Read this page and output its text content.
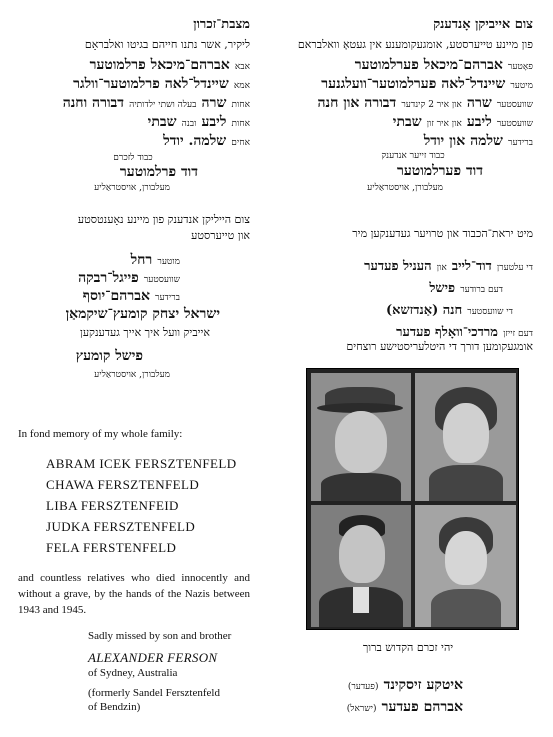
מצבת־זכרון
ליקיר, אשר נתנו חייהם בגיטו ואלבראָם
אבא אברהם־מיכאל פרלמוטער
אמא שיינדל־לאה פרלמוטער־וולגר
אחות שרה בעלה ושתי ילדותיה דבורה וחנה
אחות ליבע ובנה שבתי
אחים שלמה. יודל
כבוד לזכרם
דוד פרלמוטער
מעלבורן, אויסטראַליע
צום הייליקן אנדענק פון מיינע נאָענטסטע
און טייערסטע
מוטער רחל
שוועסטער פייגל־רבקה
ברידער אברהם־יוסף
ישראל יצחק קומעץ־שיקמאַן
אייביק וועל איך אייך געדענקען
פישל קומעץ
מעלבורן, אויסטראַליע
In fond memory of my whole family:
ABRAM ICEK FERSZTENFELD
CHAWA FERSZTENFELD
LIBA FERSZTENFEID
JUDKA FERSZTENFELD
FELA FERSTENFELD
and countless relatives who died innocently and without a grave, by the hands of the Nazis between 1943 and 1945.
Sadly missed by son and brother
ALEXANDER FERSON
of Sydney, Australia
(formerly Sandel Fersztenfeld
of Bendzin)
צום אייביקן אָנדענק
פון מיינע טייערסטע, אומגעקומענע אין געטאָ וואלבראם
פאָטער אברהם־מיכאל פערלמוטער
מיטער שיינדל־לאה פערלמוטער־וועלגנער
שוועסטער שרה און איר 2 קינדער דבורה און חנה
שוועסטער ליבע און איר זון שבתי
ברידער שלמה און יודל
כבוד זייער אנדענק
דוד פערלמוטער
מעלבורן, אויסטראַליע
מיט יראת־הכבוד און טרויער געדענקען מיר
די עלטערן דוד־לייב און העניל פעדער
דעם ברודער פישל
די שוועסטער חנה (אַנדזשא)
דעם זייזן מרדכי־וואָלף פעדער
אומגעקומען דורך די היטלעריסטישע רוצחים
יהי זכרם הקדוש ברוך
איטקע זיסקינד (פעדער)
אברהם פעדער (ישראל)
